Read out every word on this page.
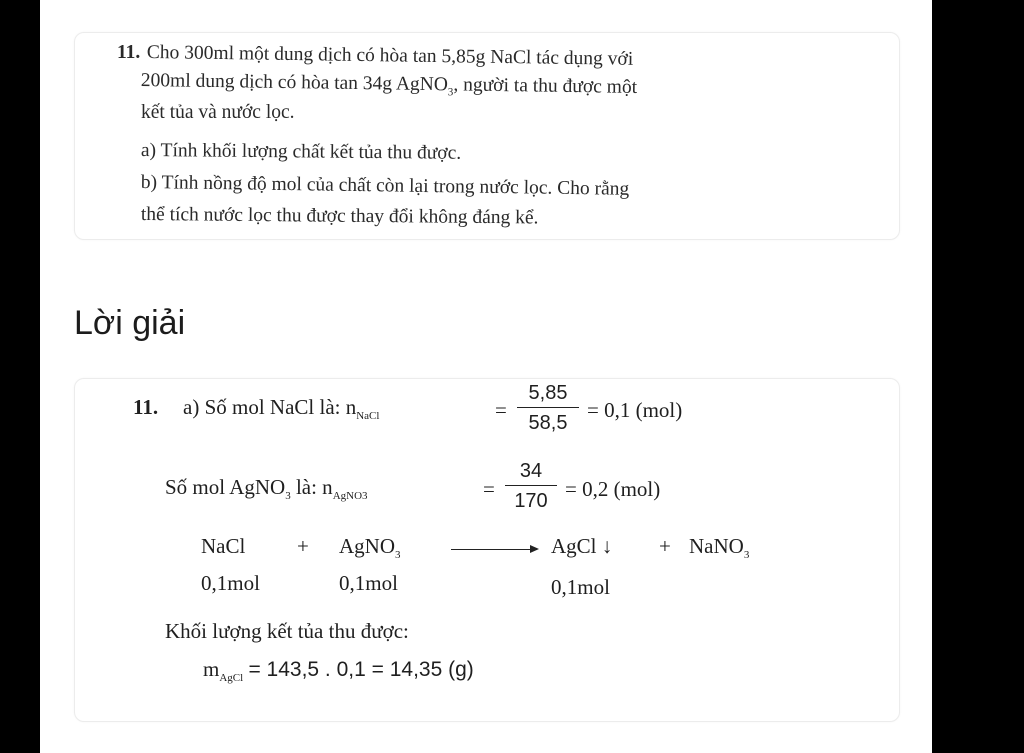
11. Cho 300ml một dung dịch có hòa tan 5,85g NaCl tác dụng với
200ml dung dịch có hòa tan 34g AgNO$_3$, người ta thu được một
kết tủa và nước lọc.
a) Tính khối lượng chất kết tủa thu được.
b) Tính nồng độ mol của chất còn lại trong nước lọc. Cho rằng
thể tích nước lọc thu được thay đổi không đáng kể.
Lời giải
11. a) Số mol NaCl là: $n_{NaCl}$	=
5,85
58,5
= 0,1 (mol)
Số mol AgNO$_3$ là: $n_{AgNO3}$	=
34
170 = 0,2 (mol)
NaCl + AgNO$_3$	AgCl ↓ + NaNO$_3$
0,1mol	0,1mol	0,1mol
Khối lượng kết tủa thu được:
$m_{AgCl} = 143,5$ . 0,1 = 14,35 (g)
